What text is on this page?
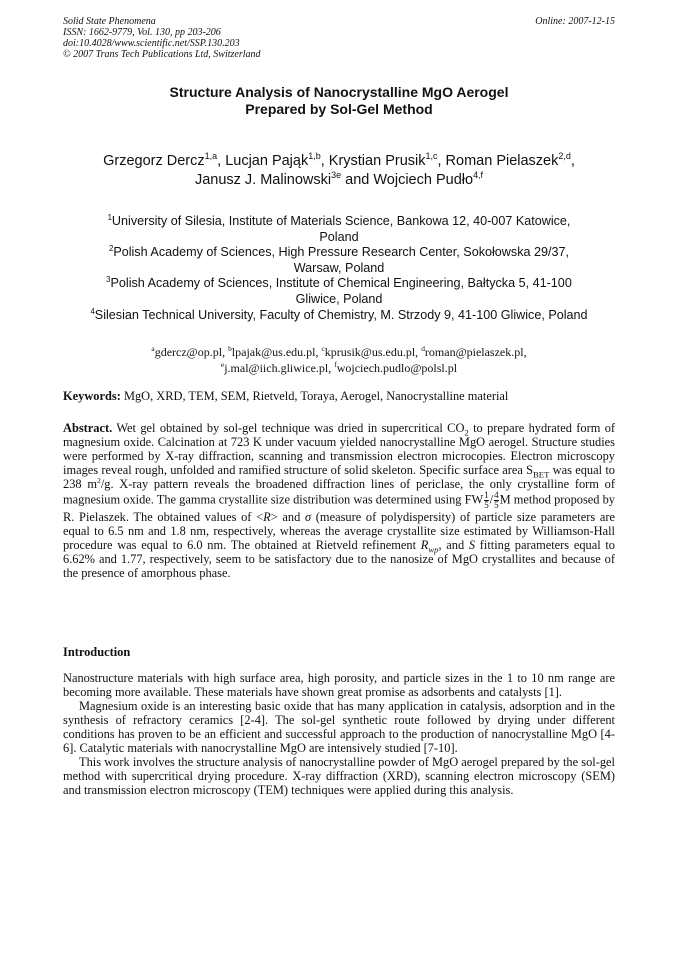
Solid State Phenomena
ISSN: 1662-9779, Vol. 130, pp 203-206
doi:10.4028/www.scientific.net/SSP.130.203
© 2007 Trans Tech Publications Ltd, Switzerland
Online: 2007-12-15
Structure Analysis of Nanocrystalline MgO Aerogel
Prepared by Sol-Gel Method
Grzegorz Dercz$^{1,a}$, Lucjan Pająk$^{1,b}$, Krystian Prusik$^{1,c}$, Roman Pielaszek$^{2,d}$,
Janusz J. Malinowski$^{3e}$ and Wojciech Pudło$^{4,f}$
$^1$University of Silesia, Institute of Materials Science, Bankowa 12, 40-007 Katowice,
Poland
$^2$Polish Academy of Sciences, High Pressure Research Center, Sokołowska 29/37,
Warsaw, Poland
$^3$Polish Academy of Sciences, Institute of Chemical Engineering, Bałtycka 5, 41-100
Gliwice, Poland
$^4$Silesian Technical University, Faculty of Chemistry, M. Strzody 9, 41-100 Gliwice, Poland
$^a$gdercz@op.pl, $^b$lpajak@us.edu.pl, $^c$kprusik@us.edu.pl, $^d$roman@pielaszek.pl,
$^e$j.mal@iich.gliwice.pl, $^f$wojciech.pudlo@polsl.pl
Keywords: MgO, XRD, TEM, SEM, Rietveld, Toraya, Aerogel, Nanocrystalline material
Abstract. Wet gel obtained by sol-gel technique was dried in supercritical $CO_2$ to prepare hydrated form of magnesium oxide. Calcination at 723 K under vacuum yielded nanocrystalline MgO aerogel. Structure studies were performed by X-ray diffraction, scanning and transmission electron microcopies. Electron microscopy images reveal rough, unfolded and ramified structure of solid skeleton. Specific surface area $S_{BET}$ was equal to 238 $m^2/g$. X-ray pattern reveals the broadened diffraction lines of periclase, the only crystalline form of magnesium oxide. The gamma crystallite size distribution was determined using FW $\frac{1}{5} / \frac{4}{5}$ M method proposed by R. Pielaszek. The obtained values of <R> and σ (measure of polydispersity) of particle size parameters are equal to 6.5 nm and 1.8 nm, respectively, whereas the average crystallite size estimated by Williamson-Hall procedure was equal to 6.0 nm. The obtained at Rietveld refinement $R_{wp}$, and S fitting parameters equal to 6.62% and 1.77, respectively, seem to be satisfactory due to the nanosize of MgO crystallites and because of the presence of amorphous phase.
Introduction

Nanostructure materials with high surface area, high porosity, and particle sizes in the 1 to 10 nm range are becoming more available. These materials have shown great promise as adsorbents and catalysts [1].

Magnesium oxide is an interesting basic oxide that has many application in catalysis, adsorption and in the synthesis of refractory ceramics [2-4]. The sol-gel synthetic route followed by drying under different conditions has proven to be an efficient and successful approach to the production of nanocrystalline MgO [4-6]. Catalytic materials with nanocrystalline MgO are intensively studied [7-10].

This work involves the structure analysis of nanocrystalline powder of MgO aerogel prepared by the sol-gel method with supercritical drying procedure. X-ray diffraction (XRD), scanning electron microscopy (SEM) and transmission electron microscopy (TEM) techniques were applied during this analysis.
